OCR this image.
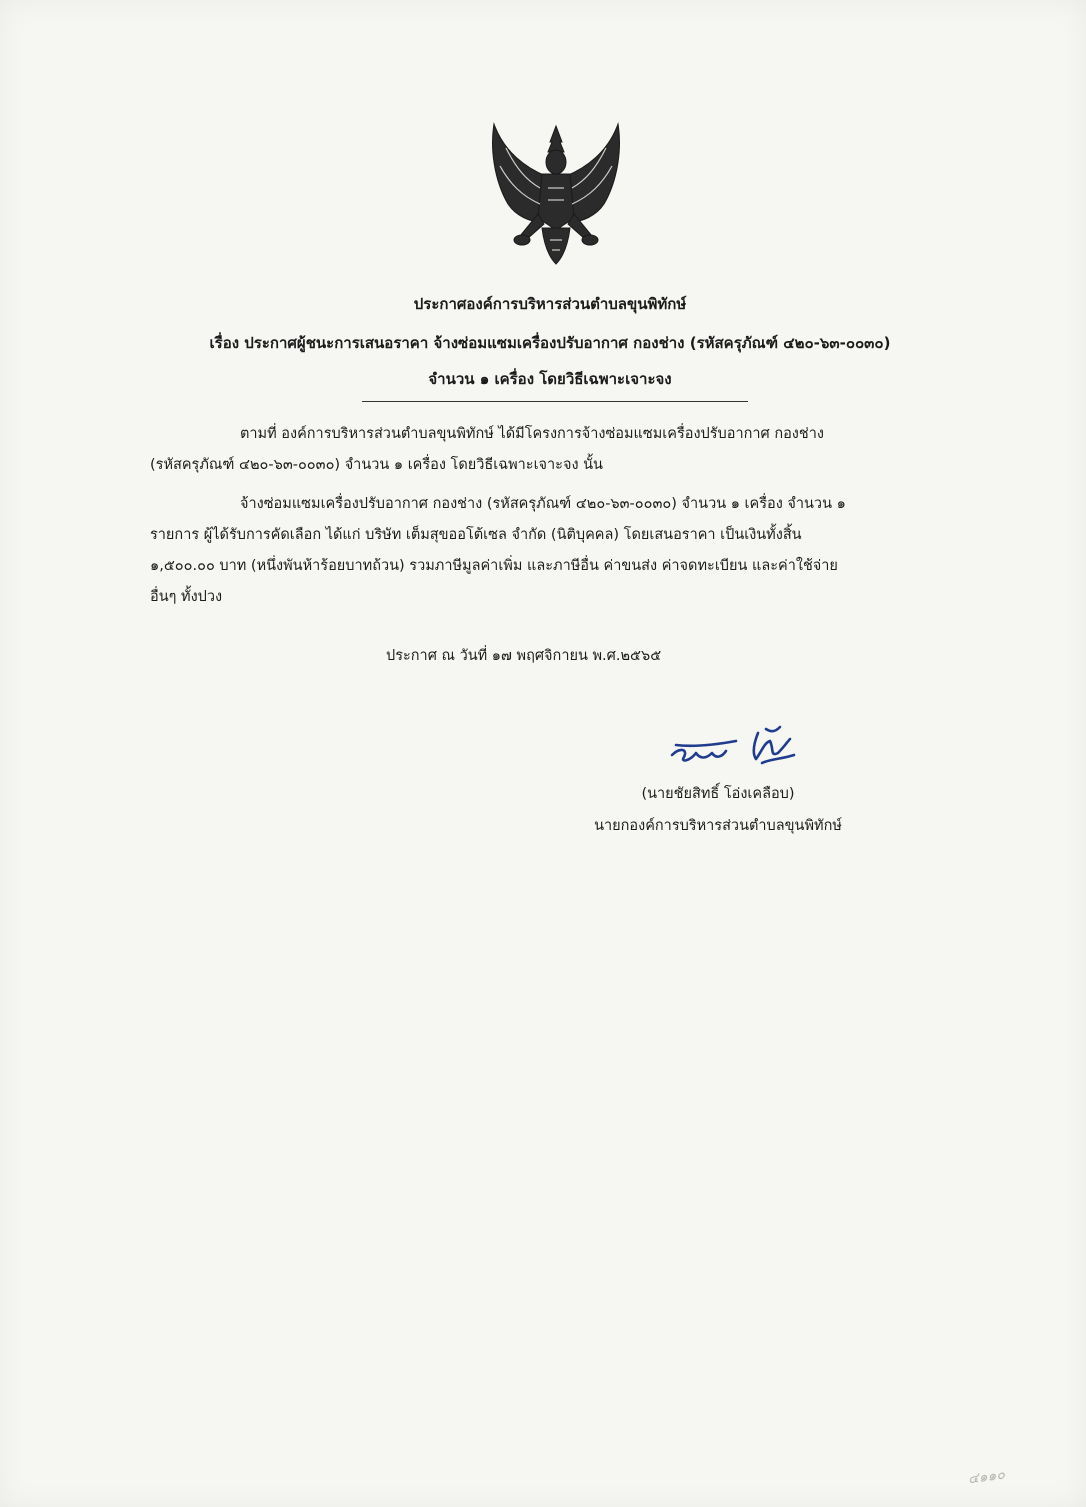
ประกาศองค์การบริหารส่วนตำบลขุนพิทักษ์
เรื่อง ประกาศผู้ชนะการเสนอราคา จ้างซ่อมแซมเครื่องปรับอากาศ กองช่าง (รหัสครุภัณฑ์ ๔๒๐-๖๓-๐๐๓๐)
จำนวน ๑ เครื่อง โดยวิธีเฉพาะเจาะจง
ตามที่ องค์การบริหารส่วนตำบลขุนพิทักษ์ ได้มีโครงการจ้างซ่อมแซมเครื่องปรับอากาศ กองช่าง
(รหัสครุภัณฑ์ ๔๒๐-๖๓-๐๐๓๐) จำนวน ๑ เครื่อง โดยวิธีเฉพาะเจาะจง นั้น
จ้างซ่อมแซมเครื่องปรับอากาศ กองช่าง (รหัสครุภัณฑ์ ๔๒๐-๖๓-๐๐๓๐) จำนวน ๑ เครื่อง จำนวน ๑
รายการ ผู้ได้รับการคัดเลือก ได้แก่ บริษัท เต็มสุขออโต้เซล จำกัด (นิติบุคคล) โดยเสนอราคา เป็นเงินทั้งสิ้น
๑,๕๐๐.๐๐ บาท (หนึ่งพันห้าร้อยบาทถ้วน) รวมภาษีมูลค่าเพิ่ม และภาษีอื่น ค่าขนส่ง ค่าจดทะเบียน และค่าใช้จ่าย
อื่นๆ ทั้งปวง
ประกาศ ณ วันที่ ๑๗ พฤศจิกายน พ.ศ.๒๕๖๕
(นายชัยสิทธิ์ โอ่งเคลือบ)
นายกองค์การบริหารส่วนตำบลขุนพิทักษ์
๔๑๑๐
